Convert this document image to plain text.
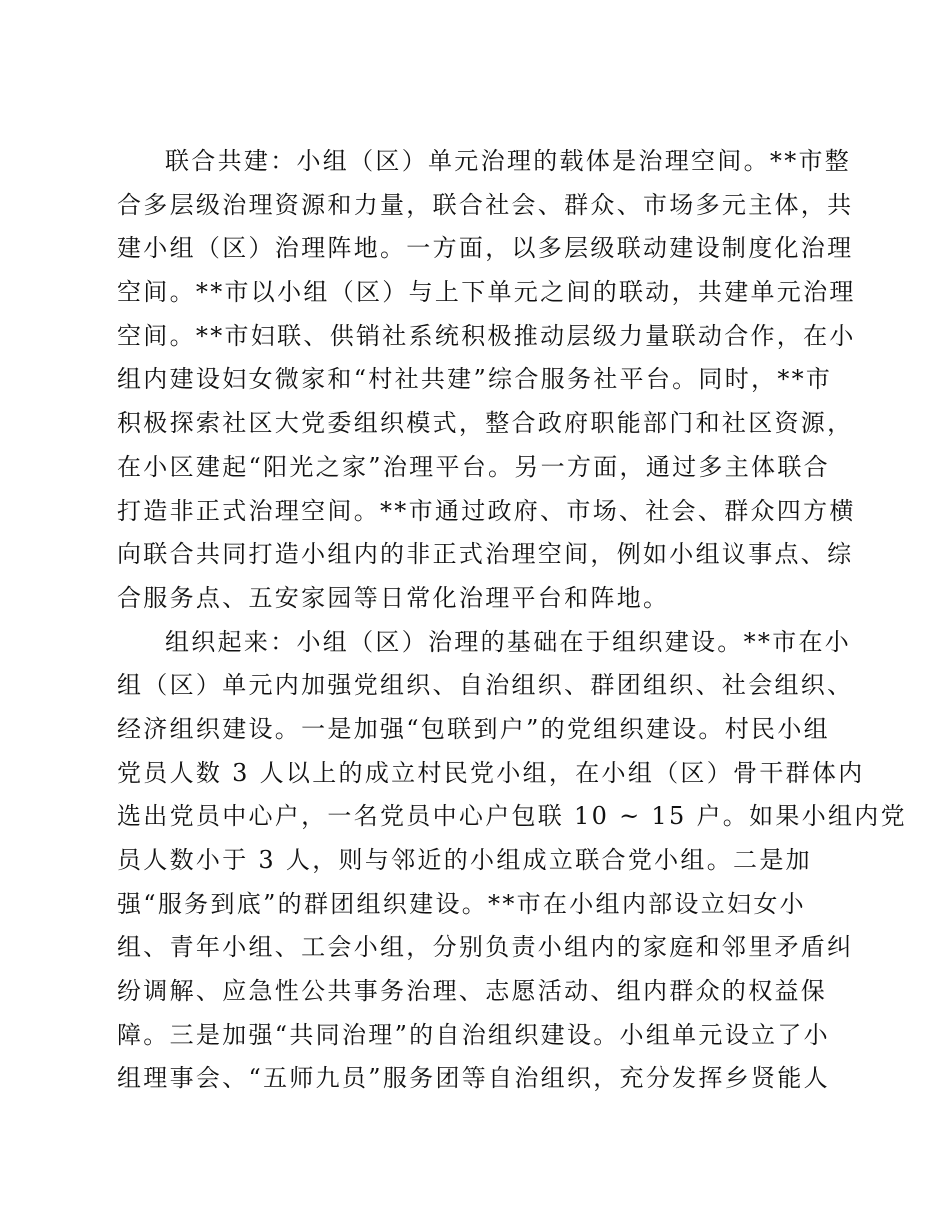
联合共建：小组（区）单元治理的载体是治理空间。**市整
合多层级治理资源和力量，联合社会、群众、市场多元主体，共
建小组（区）治理阵地。一方面，以多层级联动建设制度化治理
空间。**市以小组（区）与上下单元之间的联动，共建单元治理
空间。**市妇联、供销社系统积极推动层级力量联动合作，在小
组内建设妇女微家和“村社共建”综合服务社平台。同时，**市
积极探索社区大党委组织模式，整合政府职能部门和社区资源，
在小区建起“阳光之家”治理平台。另一方面，通过多主体联合
打造非正式治理空间。**市通过政府、市场、社会、群众四方横
向联合共同打造小组内的非正式治理空间，例如小组议事点、综
合服务点、五安家园等日常化治理平台和阵地。
组织起来：小组（区）治理的基础在于组织建设。**市在小
组（区）单元内加强党组织、自治组织、群团组织、社会组织、
经济组织建设。一是加强“包联到户”的党组织建设。村民小组
党员人数 3 人以上的成立村民党小组，在小组（区）骨干群体内
选出党员中心户，一名党员中心户包联 10 ~ 15 户。如果小组内党
员人数小于 3 人，则与邻近的小组成立联合党小组。二是加
强“服务到底”的群团组织建设。**市在小组内部设立妇女小
组、青年小组、工会小组，分别负责小组内的家庭和邻里矛盾纠
纷调解、应急性公共事务治理、志愿活动、组内群众的权益保
障。三是加强“共同治理”的自治组织建设。小组单元设立了小
组理事会、“五师九员”服务团等自治组织，充分发挥乡贤能人
